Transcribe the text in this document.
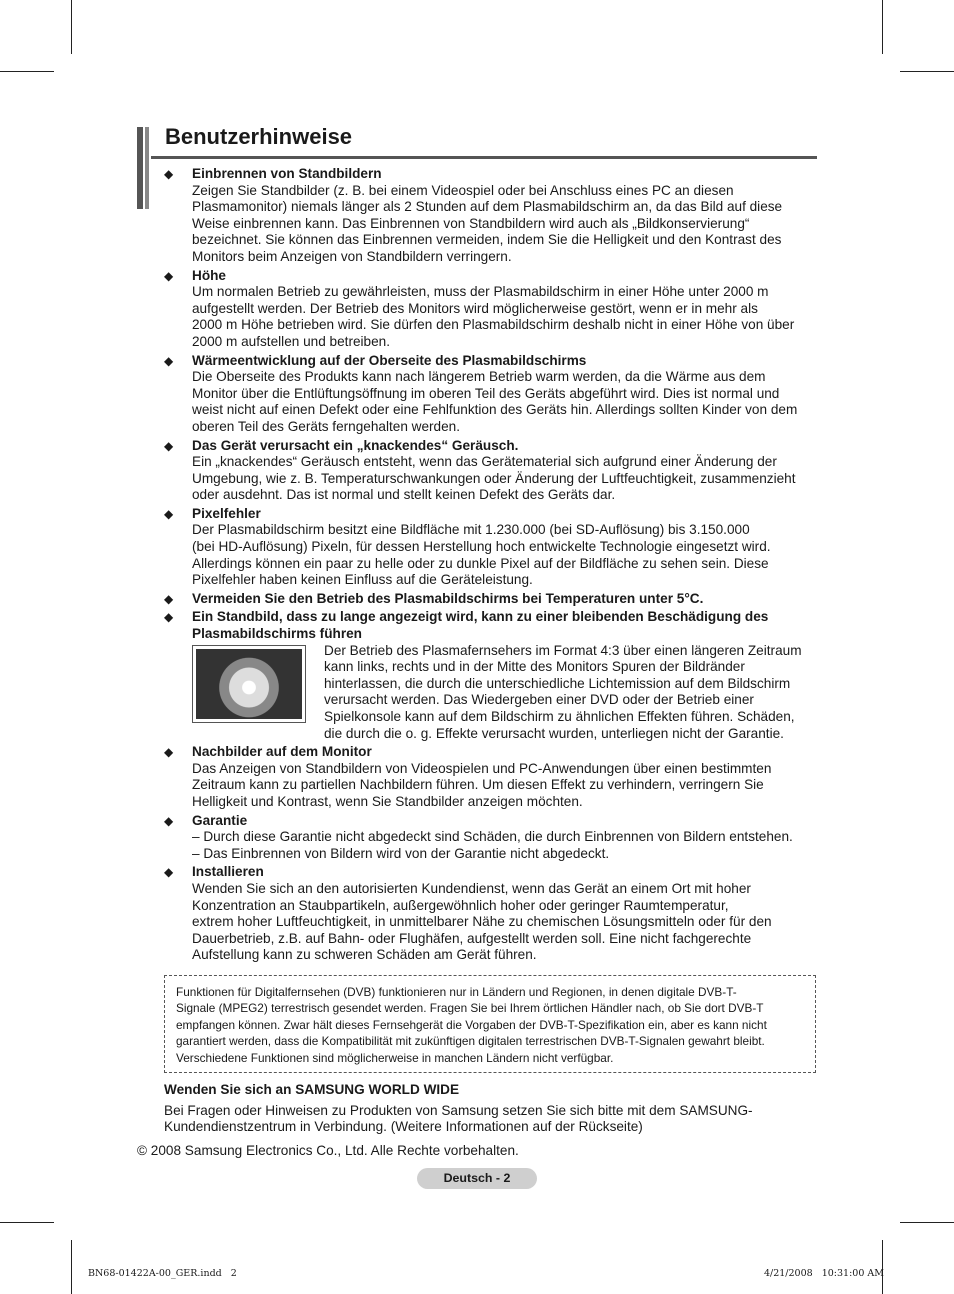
Benutzerhinweise
◆ Einbrennen von Standbildern
Zeigen Sie Standbilder (z. B. bei einem Videospiel oder bei Anschluss eines PC an diesen
Plasmamonitor) niemals länger als 2 Stunden auf dem Plasmabildschirm an, da das Bild auf diese
Weise einbrennen kann. Das Einbrennen von Standbildern wird auch als „Bildkonservierung“
bezeichnet. Sie können das Einbrennen vermeiden, indem Sie die Helligkeit und den Kontrast des
Monitors beim Anzeigen von Standbildern verringern.
◆ Höhe
Um normalen Betrieb zu gewährleisten, muss der Plasmabildschirm in einer Höhe unter 2000 m
aufgestellt werden. Der Betrieb des Monitors wird möglicherweise gestört, wenn er in mehr als
2000 m Höhe betrieben wird. Sie dürfen den Plasmabildschirm deshalb nicht in einer Höhe von über
2000 m aufstellen und betreiben.
◆ Wärmeentwicklung auf der Oberseite des Plasmabildschirms
Die Oberseite des Produkts kann nach längerem Betrieb warm werden, da die Wärme aus dem
Monitor über die Entlüftungsöffnung im oberen Teil des Geräts abgeführt wird. Dies ist normal und
weist nicht auf einen Defekt oder eine Fehlfunktion des Geräts hin. Allerdings sollten Kinder von dem
oberen Teil des Geräts ferngehalten werden.
◆ Das Gerät verursacht ein „knackendes“ Geräusch.
Ein „knackendes“ Geräusch entsteht, wenn das Gerätematerial sich aufgrund einer Änderung der
Umgebung, wie z. B. Temperaturschwankungen oder Änderung der Luftfeuchtigkeit, zusammenzieht
oder ausdehnt. Das ist normal und stellt keinen Defekt des Geräts dar.
◆ Pixelfehler
Der Plasmabildschirm besitzt eine Bildfläche mit 1.230.000 (bei SD-Auflösung) bis 3.150.000
(bei HD-Auflösung) Pixeln, für dessen Herstellung hoch entwickelte Technologie eingesetzt wird.
Allerdings können ein paar zu helle oder zu dunkle Pixel auf der Bildfläche zu sehen sein. Diese
Pixelfehler haben keinen Einfluss auf die Geräteleistung.
◆ Vermeiden Sie den Betrieb des Plasmabildschirms bei Temperaturen unter 5°C.
◆ Ein Standbild, dass zu lange angezeigt wird, kann zu einer bleibenden Beschädigung des
Plasmabildschirms führen
Der Betrieb des Plasmafernsehers im Format 4:3 über einen längeren Zeitraum
kann links, rechts und in der Mitte des Monitors Spuren der Bildränder
hinterlassen, die durch die unterschiedliche Lichtemission auf dem Bildschirm
verursacht werden. Das Wiedergeben einer DVD oder der Betrieb einer
Spielkonsole kann auf dem Bildschirm zu ähnlichen Effekten führen. Schäden,
die durch die o. g. Effekte verursacht wurden, unterliegen nicht der Garantie.
◆ Nachbilder auf dem Monitor
Das Anzeigen von Standbildern von Videospielen und PC-Anwendungen über einen bestimmten
Zeitraum kann zu partiellen Nachbildern führen. Um diesen Effekt zu verhindern, verringern Sie
Helligkeit und Kontrast, wenn Sie Standbilder anzeigen möchten.
◆ Garantie
– Durch diese Garantie nicht abgedeckt sind Schäden, die durch Einbrennen von Bildern entstehen.
– Das Einbrennen von Bildern wird von der Garantie nicht abgedeckt.
◆ Installieren
Wenden Sie sich an den autorisierten Kundendienst, wenn das Gerät an einem Ort mit hoher
Konzentration an Staubpartikeln, außergewöhnlich hoher oder geringer Raumtemperatur,
extrem hoher Luftfeuchtigkeit, in unmittelbarer Nähe zu chemischen Lösungsmitteln oder für den
Dauerbetrieb, z.B. auf Bahn- oder Flughäfen, aufgestellt werden soll. Eine nicht fachgerechte
Aufstellung kann zu schweren Schäden am Gerät führen.
Funktionen für Digitalfernsehen (DVB) funktionieren nur in Ländern und Regionen, in denen digitale DVB-T-
Signale (MPEG2) terrestrisch gesendet werden. Fragen Sie bei Ihrem örtlichen Händler nach, ob Sie dort DVB-T
empfangen können. Zwar hält dieses Fernsehgerät die Vorgaben der DVB-T-Spezifikation ein, aber es kann nicht
garantiert werden, dass die Kompatibilität mit zukünftigen digitalen terrestrischen DVB-T-Signalen gewahrt bleibt.
Verschiedene Funktionen sind möglicherweise in manchen Ländern nicht verfügbar.
Wenden Sie sich an SAMSUNG WORLD WIDE
Bei Fragen oder Hinweisen zu Produkten von Samsung setzen Sie sich bitte mit dem SAMSUNG-
Kundendienstzentrum in Verbindung. (Weitere Informationen auf der Rückseite)
© 2008 Samsung Electronics Co., Ltd. Alle Rechte vorbehalten.
Deutsch - 2
BN68-01422A-00_GER.indd   2	4/21/2008   10:31:00 AM
